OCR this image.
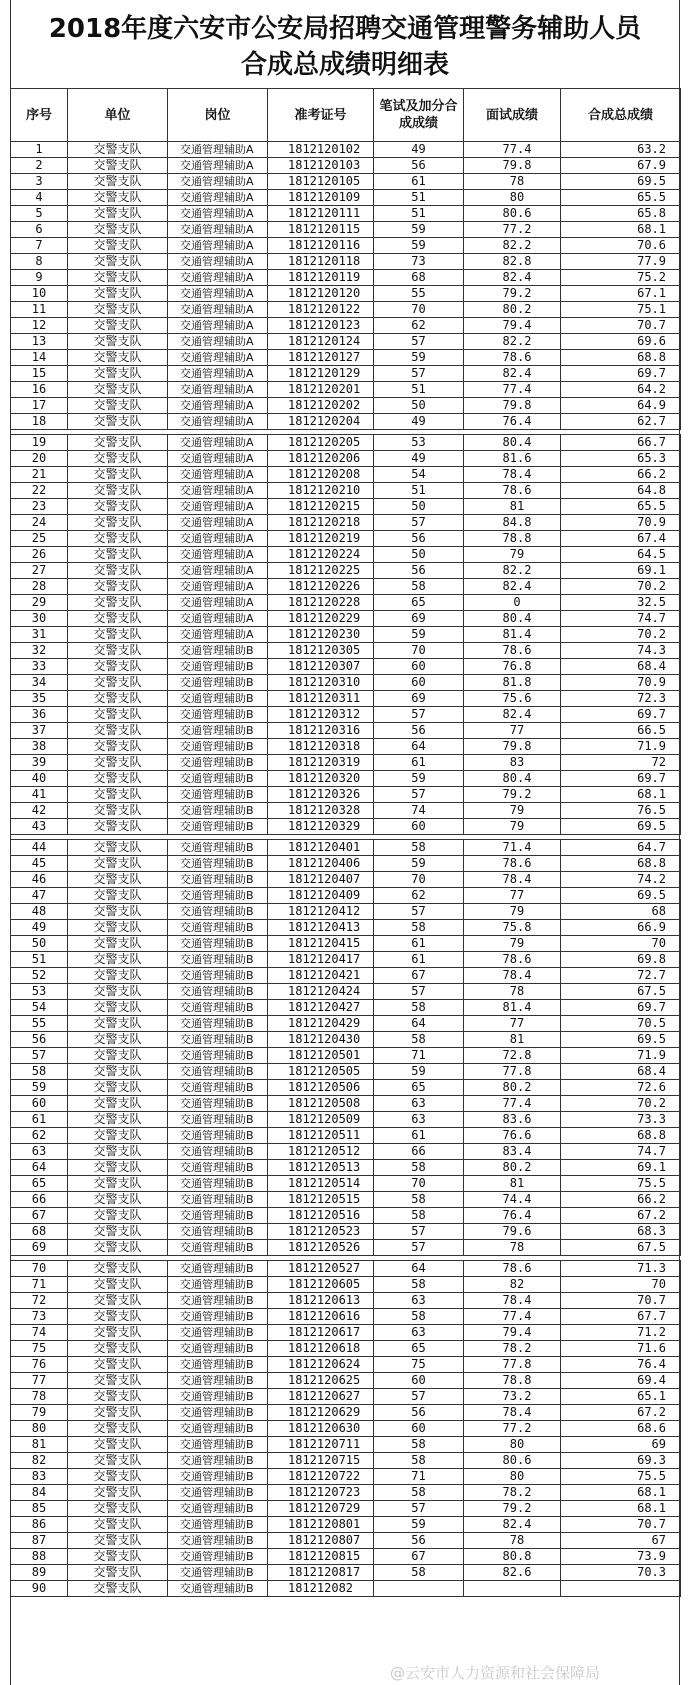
2018年度六安市公安局招聘交通管理警务辅助人员
合成总成绩明细表
序号	单位	岗位	准考证号	笔试及加分合成成绩	面试成绩	合成总成绩
1	交警支队	交通管理辅助A	1812120102	49	77.4	63.2
2	交警支队	交通管理辅助A	1812120103	56	79.8	67.9
3	交警支队	交通管理辅助A	1812120105	61	78	69.5
4	交警支队	交通管理辅助A	1812120109	51	80	65.5
5	交警支队	交通管理辅助A	1812120111	51	80.6	65.8
6	交警支队	交通管理辅助A	1812120115	59	77.2	68.1
7	交警支队	交通管理辅助A	1812120116	59	82.2	70.6
8	交警支队	交通管理辅助A	1812120118	73	82.8	77.9
9	交警支队	交通管理辅助A	1812120119	68	82.4	75.2
10	交警支队	交通管理辅助A	1812120120	55	79.2	67.1
11	交警支队	交通管理辅助A	1812120122	70	80.2	75.1
12	交警支队	交通管理辅助A	1812120123	62	79.4	70.7
13	交警支队	交通管理辅助A	1812120124	57	82.2	69.6
14	交警支队	交通管理辅助A	1812120127	59	78.6	68.8
15	交警支队	交通管理辅助A	1812120129	57	82.4	69.7
16	交警支队	交通管理辅助A	1812120201	51	77.4	64.2
17	交警支队	交通管理辅助A	1812120202	50	79.8	64.9
18	交警支队	交通管理辅助A	1812120204	49	76.4	62.7

19	交警支队	交通管理辅助A	1812120205	53	80.4	66.7
20	交警支队	交通管理辅助A	1812120206	49	81.6	65.3
21	交警支队	交通管理辅助A	1812120208	54	78.4	66.2
22	交警支队	交通管理辅助A	1812120210	51	78.6	64.8
23	交警支队	交通管理辅助A	1812120215	50	81	65.5
24	交警支队	交通管理辅助A	1812120218	57	84.8	70.9
25	交警支队	交通管理辅助A	1812120219	56	78.8	67.4
26	交警支队	交通管理辅助A	1812120224	50	79	64.5
27	交警支队	交通管理辅助A	1812120225	56	82.2	69.1
28	交警支队	交通管理辅助A	1812120226	58	82.4	70.2
29	交警支队	交通管理辅助A	1812120228	65	0	32.5
30	交警支队	交通管理辅助A	1812120229	69	80.4	74.7
31	交警支队	交通管理辅助A	1812120230	59	81.4	70.2
32	交警支队	交通管理辅助B	1812120305	70	78.6	74.3
33	交警支队	交通管理辅助B	1812120307	60	76.8	68.4
34	交警支队	交通管理辅助B	1812120310	60	81.8	70.9
35	交警支队	交通管理辅助B	1812120311	69	75.6	72.3
36	交警支队	交通管理辅助B	1812120312	57	82.4	69.7
37	交警支队	交通管理辅助B	1812120316	56	77	66.5
38	交警支队	交通管理辅助B	1812120318	64	79.8	71.9
39	交警支队	交通管理辅助B	1812120319	61	83	72
40	交警支队	交通管理辅助B	1812120320	59	80.4	69.7
41	交警支队	交通管理辅助B	1812120326	57	79.2	68.1
42	交警支队	交通管理辅助B	1812120328	74	79	76.5
43	交警支队	交通管理辅助B	1812120329	60	79	69.5

44	交警支队	交通管理辅助B	1812120401	58	71.4	64.7
45	交警支队	交通管理辅助B	1812120406	59	78.6	68.8
46	交警支队	交通管理辅助B	1812120407	70	78.4	74.2
47	交警支队	交通管理辅助B	1812120409	62	77	69.5
48	交警支队	交通管理辅助B	1812120412	57	79	68
49	交警支队	交通管理辅助B	1812120413	58	75.8	66.9
50	交警支队	交通管理辅助B	1812120415	61	79	70
51	交警支队	交通管理辅助B	1812120417	61	78.6	69.8
52	交警支队	交通管理辅助B	1812120421	67	78.4	72.7
53	交警支队	交通管理辅助B	1812120424	57	78	67.5
54	交警支队	交通管理辅助B	1812120427	58	81.4	69.7
55	交警支队	交通管理辅助B	1812120429	64	77	70.5
56	交警支队	交通管理辅助B	1812120430	58	81	69.5
57	交警支队	交通管理辅助B	1812120501	71	72.8	71.9
58	交警支队	交通管理辅助B	1812120505	59	77.8	68.4
59	交警支队	交通管理辅助B	1812120506	65	80.2	72.6
60	交警支队	交通管理辅助B	1812120508	63	77.4	70.2
61	交警支队	交通管理辅助B	1812120509	63	83.6	73.3
62	交警支队	交通管理辅助B	1812120511	61	76.6	68.8
63	交警支队	交通管理辅助B	1812120512	66	83.4	74.7
64	交警支队	交通管理辅助B	1812120513	58	80.2	69.1
65	交警支队	交通管理辅助B	1812120514	70	81	75.5
66	交警支队	交通管理辅助B	1812120515	58	74.4	66.2
67	交警支队	交通管理辅助B	1812120516	58	76.4	67.2
68	交警支队	交通管理辅助B	1812120523	57	79.6	68.3
69	交警支队	交通管理辅助B	1812120526	57	78	67.5

70	交警支队	交通管理辅助B	1812120527	64	78.6	71.3
71	交警支队	交通管理辅助B	1812120605	58	82	70
72	交警支队	交通管理辅助B	1812120613	63	78.4	70.7
73	交警支队	交通管理辅助B	1812120616	58	77.4	67.7
74	交警支队	交通管理辅助B	1812120617	63	79.4	71.2
75	交警支队	交通管理辅助B	1812120618	65	78.2	71.6
76	交警支队	交通管理辅助B	1812120624	75	77.8	76.4
77	交警支队	交通管理辅助B	1812120625	60	78.8	69.4
78	交警支队	交通管理辅助B	1812120627	57	73.2	65.1
79	交警支队	交通管理辅助B	1812120629	56	78.4	67.2
80	交警支队	交通管理辅助B	1812120630	60	77.2	68.6
81	交警支队	交通管理辅助B	1812120711	58	80	69
82	交警支队	交通管理辅助B	1812120715	58	80.6	69.3
83	交警支队	交通管理辅助B	1812120722	71	80	75.5
84	交警支队	交通管理辅助B	1812120723	58	78.2	68.1
85	交警支队	交通管理辅助B	1812120729	57	79.2	68.1
86	交警支队	交通管理辅助B	1812120801	59	82.4	70.7
87	交警支队	交通管理辅助B	1812120807	56	78	67
88	交警支队	交通管理辅助B	1812120815	67	80.8	73.9
89	交警支队	交通管理辅助B	1812120817	58	82.6	70.3
90	交警支队	交通管理辅助B	181212082			
@云安市人力资源和社会保障局
